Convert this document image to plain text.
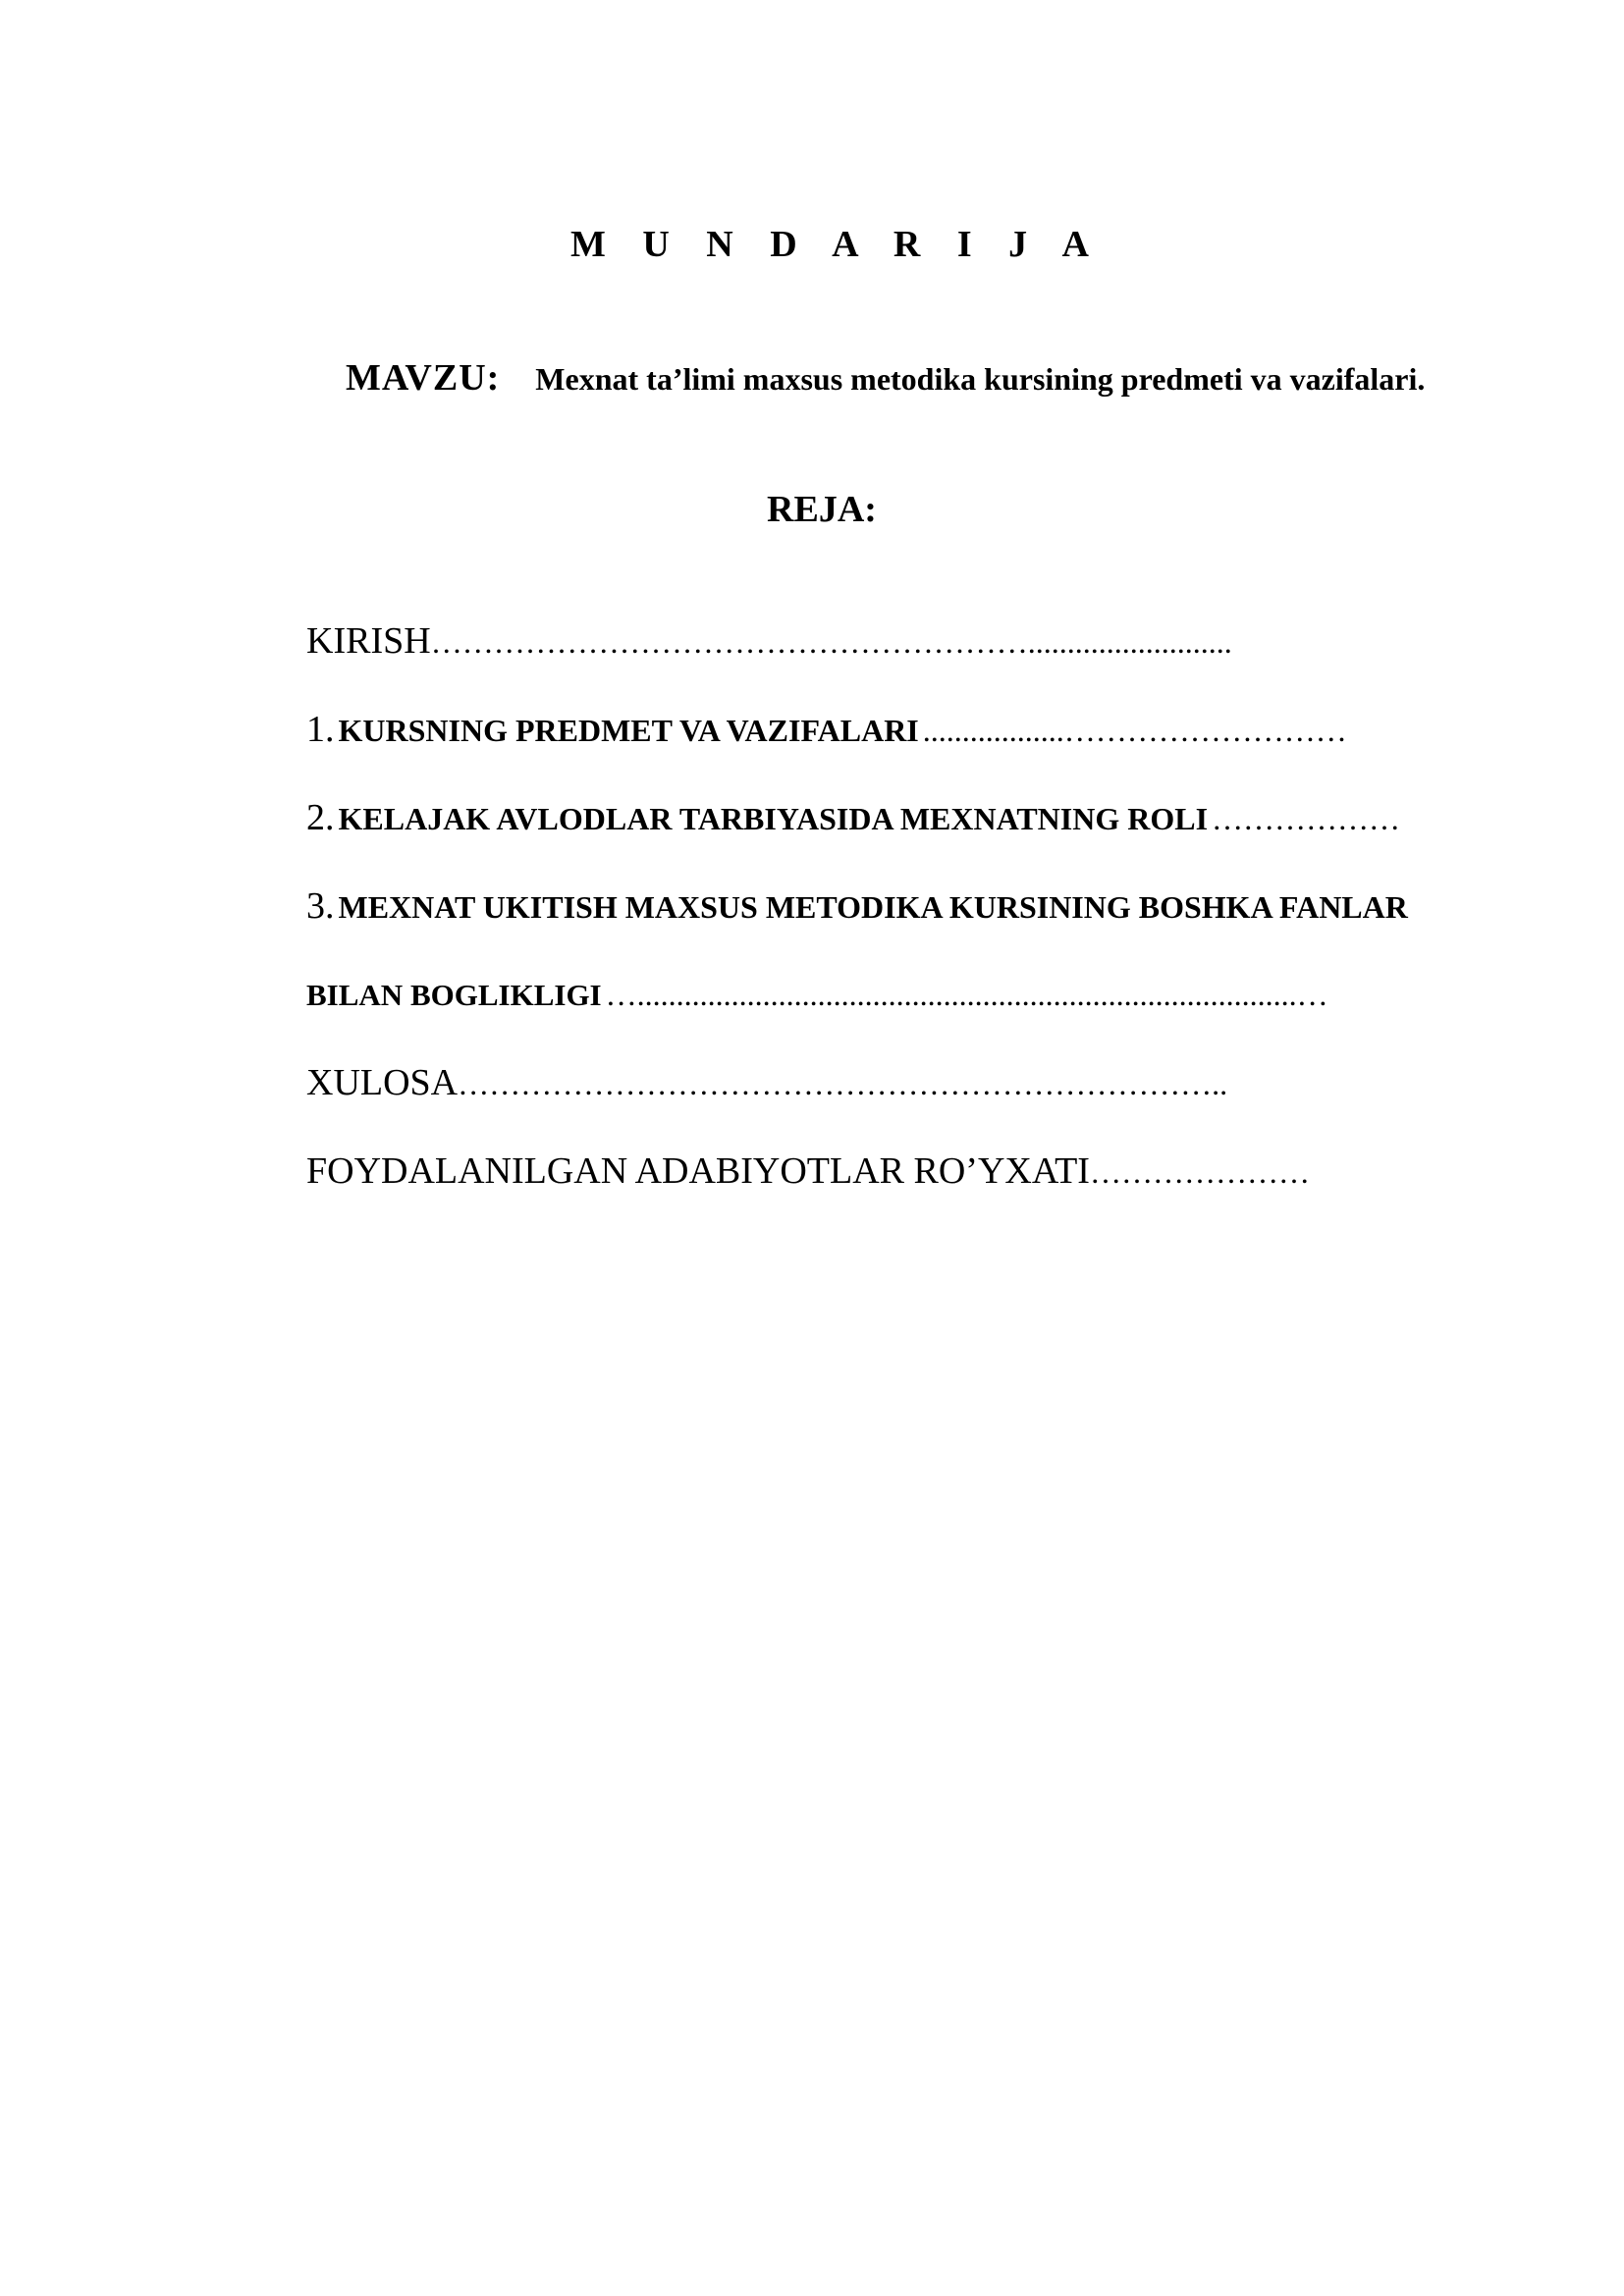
M U N D A R I J A
MAVZU: Mexnat ta’limi maxsus metodika kursining predmeti va vazifalari.
REJA:
KIRISH…………………………………………………..........................
1. KURSNING PREDMET VA VAZIFALARI ..................………………………
2. KELAJAK AVLODLAR TARBIYASIDA MEXNATNING ROLI ………………
3. MEXNAT UKITISH MAXSUS METODIKA KURSINING BOSHKA FANLAR
BILAN BOGLIKLIGI …....................................................................................…
XULOSA………………………………………………………………..
FOYDALANILGAN ADABIYOTLAR RO’YXATI…………………
